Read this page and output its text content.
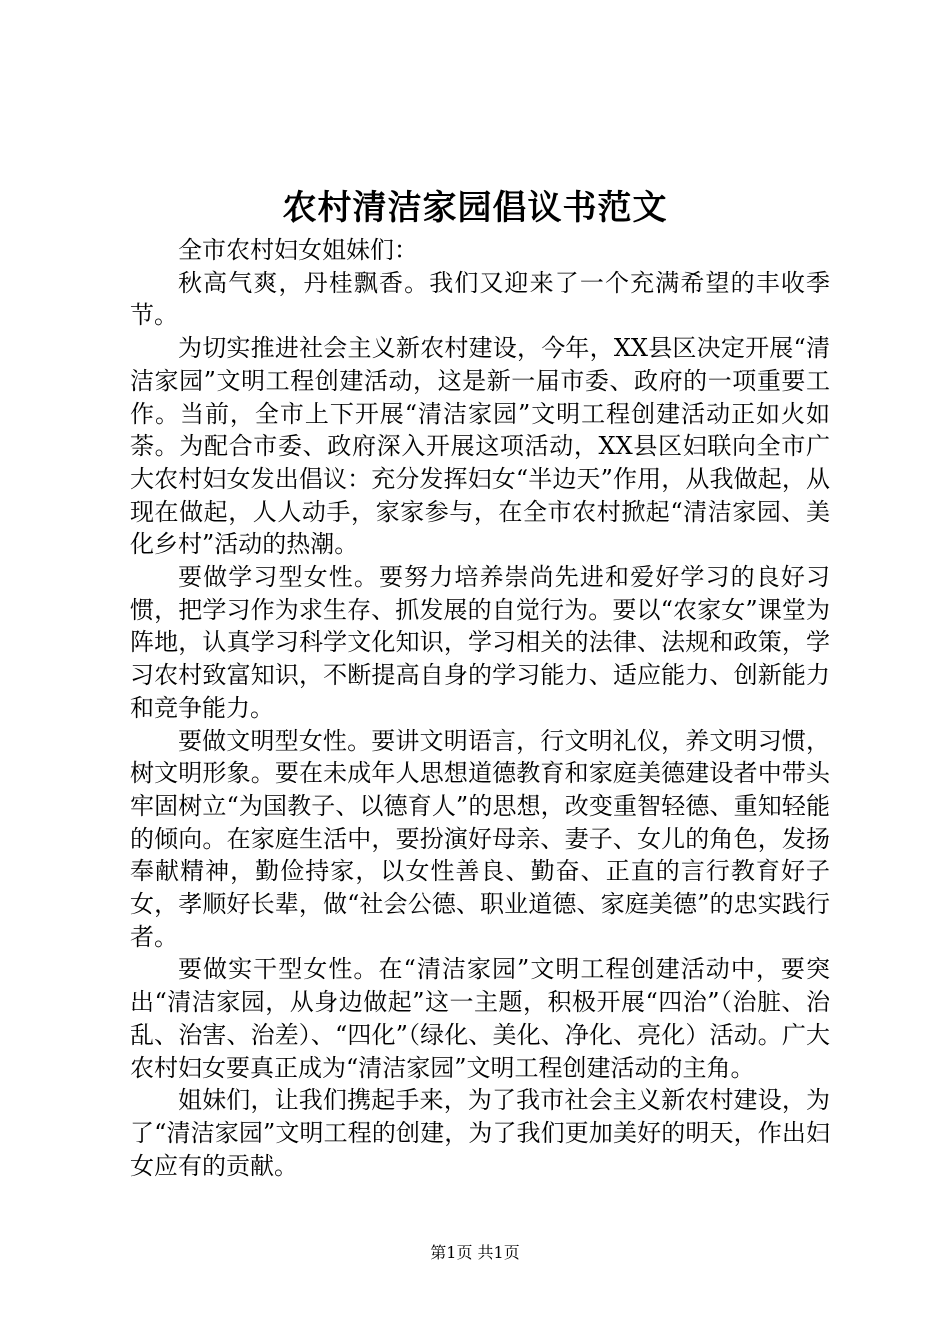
农村清洁家园倡议书范文

全市农村妇女姐妹们：

秋高气爽，丹桂飘香。我们又迎来了一个充满希望的丰收季节。

为切实推进社会主义新农村建设，今年，XX县区决定开展“清洁家园”文明工程创建活动，这是新一届市委、政府的一项重要工作。当前，全市上下开展“清洁家园”文明工程创建活动正如火如荼。为配合市委、政府深入开展这项活动，XX县区妇联向全市广大农村妇女发出倡议：充分发挥妇女“半边天”作用，从我做起，从现在做起，人人动手，家家参与，在全市农村掀起“清洁家园、美化乡村”活动的热潮。

要做学习型女性。要努力培养崇尚先进和爱好学习的良好习惯，把学习作为求生存、抓发展的自觉行为。要以“农家女”课堂为阵地，认真学习科学文化知识，学习相关的法律、法规和政策，学习农村致富知识，不断提高自身的学习能力、适应能力、创新能力和竞争能力。

要做文明型女性。要讲文明语言，行文明礼仪，养文明习惯，树文明形象。要在未成年人思想道德教育和家庭美德建设者中带头牢固树立“为国教子、以德育人”的思想，改变重智轻德、重知轻能的倾向。在家庭生活中，要扮演好母亲、妻子、女儿的角色，发扬奉献精神，勤俭持家，以女性善良、勤奋、正直的言行教育好子女，孝顺好长辈，做“社会公德、职业道德、家庭美德”的忠实践行者。

要做实干型女性。在“清洁家园”文明工程创建活动中，要突出“清洁家园，从身边做起”这一主题，积极开展“四治”（治脏、治乱、治害、治差）、“四化”（绿化、美化、净化、亮化）活动。广大农村妇女要真正成为“清洁家园”文明工程创建活动的主角。

姐妹们，让我们携起手来，为了我市社会主义新农村建设，为了“清洁家园”文明工程的创建，为了我们更加美好的明天，作出妇女应有的贡献。

第1页 共1页
